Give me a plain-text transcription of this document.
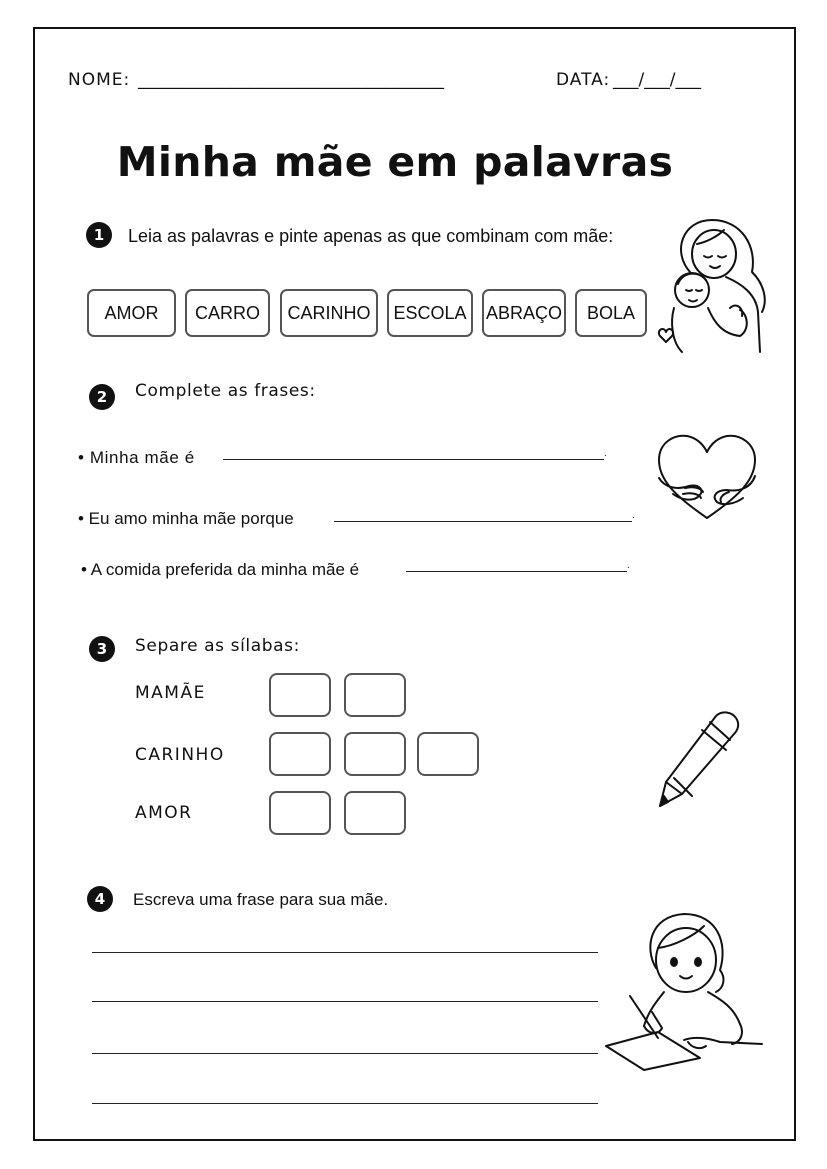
NOME: ____________________________________	DATA: ___/___/___
Minha mãe em palavras
1	Leia as palavras e pinte apenas as que combinam com mãe:
AMOR	CARRO	CARINHO	ESCOLA	ABRAÇO	BOLA
2	Complete as frases:
• Minha mãe é	.
• Eu amo minha mãe porque	.
• A comida preferida da minha mãe é	.
3	Separe as sílabas:
MAMÃE
CARINHO
AMOR
4	Escreva uma frase para sua mãe.
